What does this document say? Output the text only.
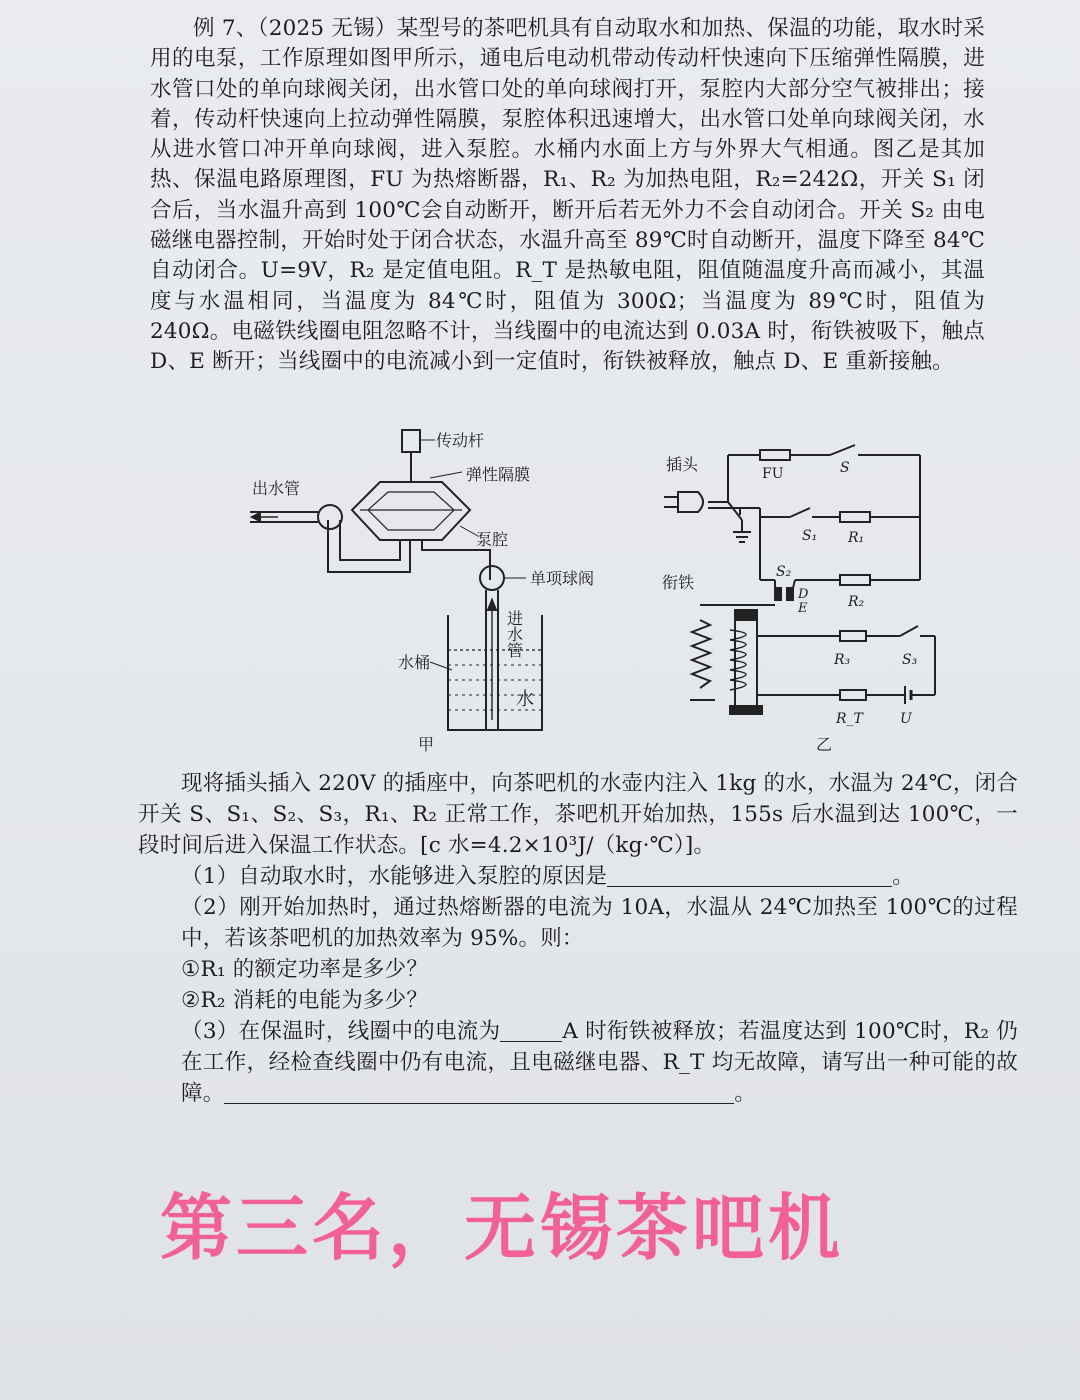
例 7、（2025 无锡）某型号的茶吧机具有自动取水和加热、保温的功能，取水时采用的电泵，工作原理如图甲所示，通电后电动机带动传动杆快速向下压缩弹性隔膜，进水管口处的单向球阀关闭，出水管口处的单向球阀打开，泵腔内大部分空气被排出；接着，传动杆快速向上拉动弹性隔膜，泵腔体积迅速增大，出水管口处单向球阀关闭，水从进水管口冲开单向球阀，进入泵腔。水桶内水面上方与外界大气相通。图乙是其加热、保温电路原理图，FU 为热熔断器，R₁、R₂ 为加热电阻，R₂=242Ω，开关 S₁ 闭合后，当水温升高到 100℃会自动断开，断开后若无外力不会自动闭合。开关 S₂ 由电磁继电器控制，开始时处于闭合状态，水温升高至 89℃时自动断开，温度下降至 84℃自动闭合。U=9V，R₂ 是定值电阻。R_T 是热敏电阻，阻值随温度升高而减小，其温度与水温相同，当温度为 84℃时，阻值为 300Ω；当温度为 89℃时，阻值为 240Ω。电磁铁线圈电阻忽略不计，当线圈中的电流达到 0.03A 时，衔铁被吸下，触点 D、E 断开；当线圈中的电流减小到一定值时，衔铁被释放，触点 D、E 重新接触。

传动杆
弹性隔膜
出水管
泵腔
单项球阀
进水管
水桶
水
甲
插头	FU	S
S₁ R₁
S₂
D
E	R₂
衔铁
R₃	S₃
R_T	U
乙

现将插头插入 220V 的插座中，向茶吧机的水壶内注入 1kg 的水，水温为 24℃，闭合开关 S、S₁、S₂、S₃，R₁、R₂ 正常工作，茶吧机开始加热，155s 后水温到达 100℃，一段时间后进入保温工作状态。[c 水=4.2×10³J/（kg·℃）]。

（1）自动取水时，水能够进入泵腔的原因是	。

（2）刚开始加热时，通过热熔断器的电流为 10A，水温从 24℃加热至 100℃的过程中，若该茶吧机的加热效率为 95%。则：

①R₁ 的额定功率是多少？

②R₂ 消耗的电能为多少？

（3）在保温时，线圈中的电流为	A 时衔铁被释放；若温度达到 100℃时，R₂ 仍在工作，经检查线圈中仍有电流，且电磁继电器、R_T 均无故障，请写出一种可能的故障。	。

第三名，无锡茶吧机
